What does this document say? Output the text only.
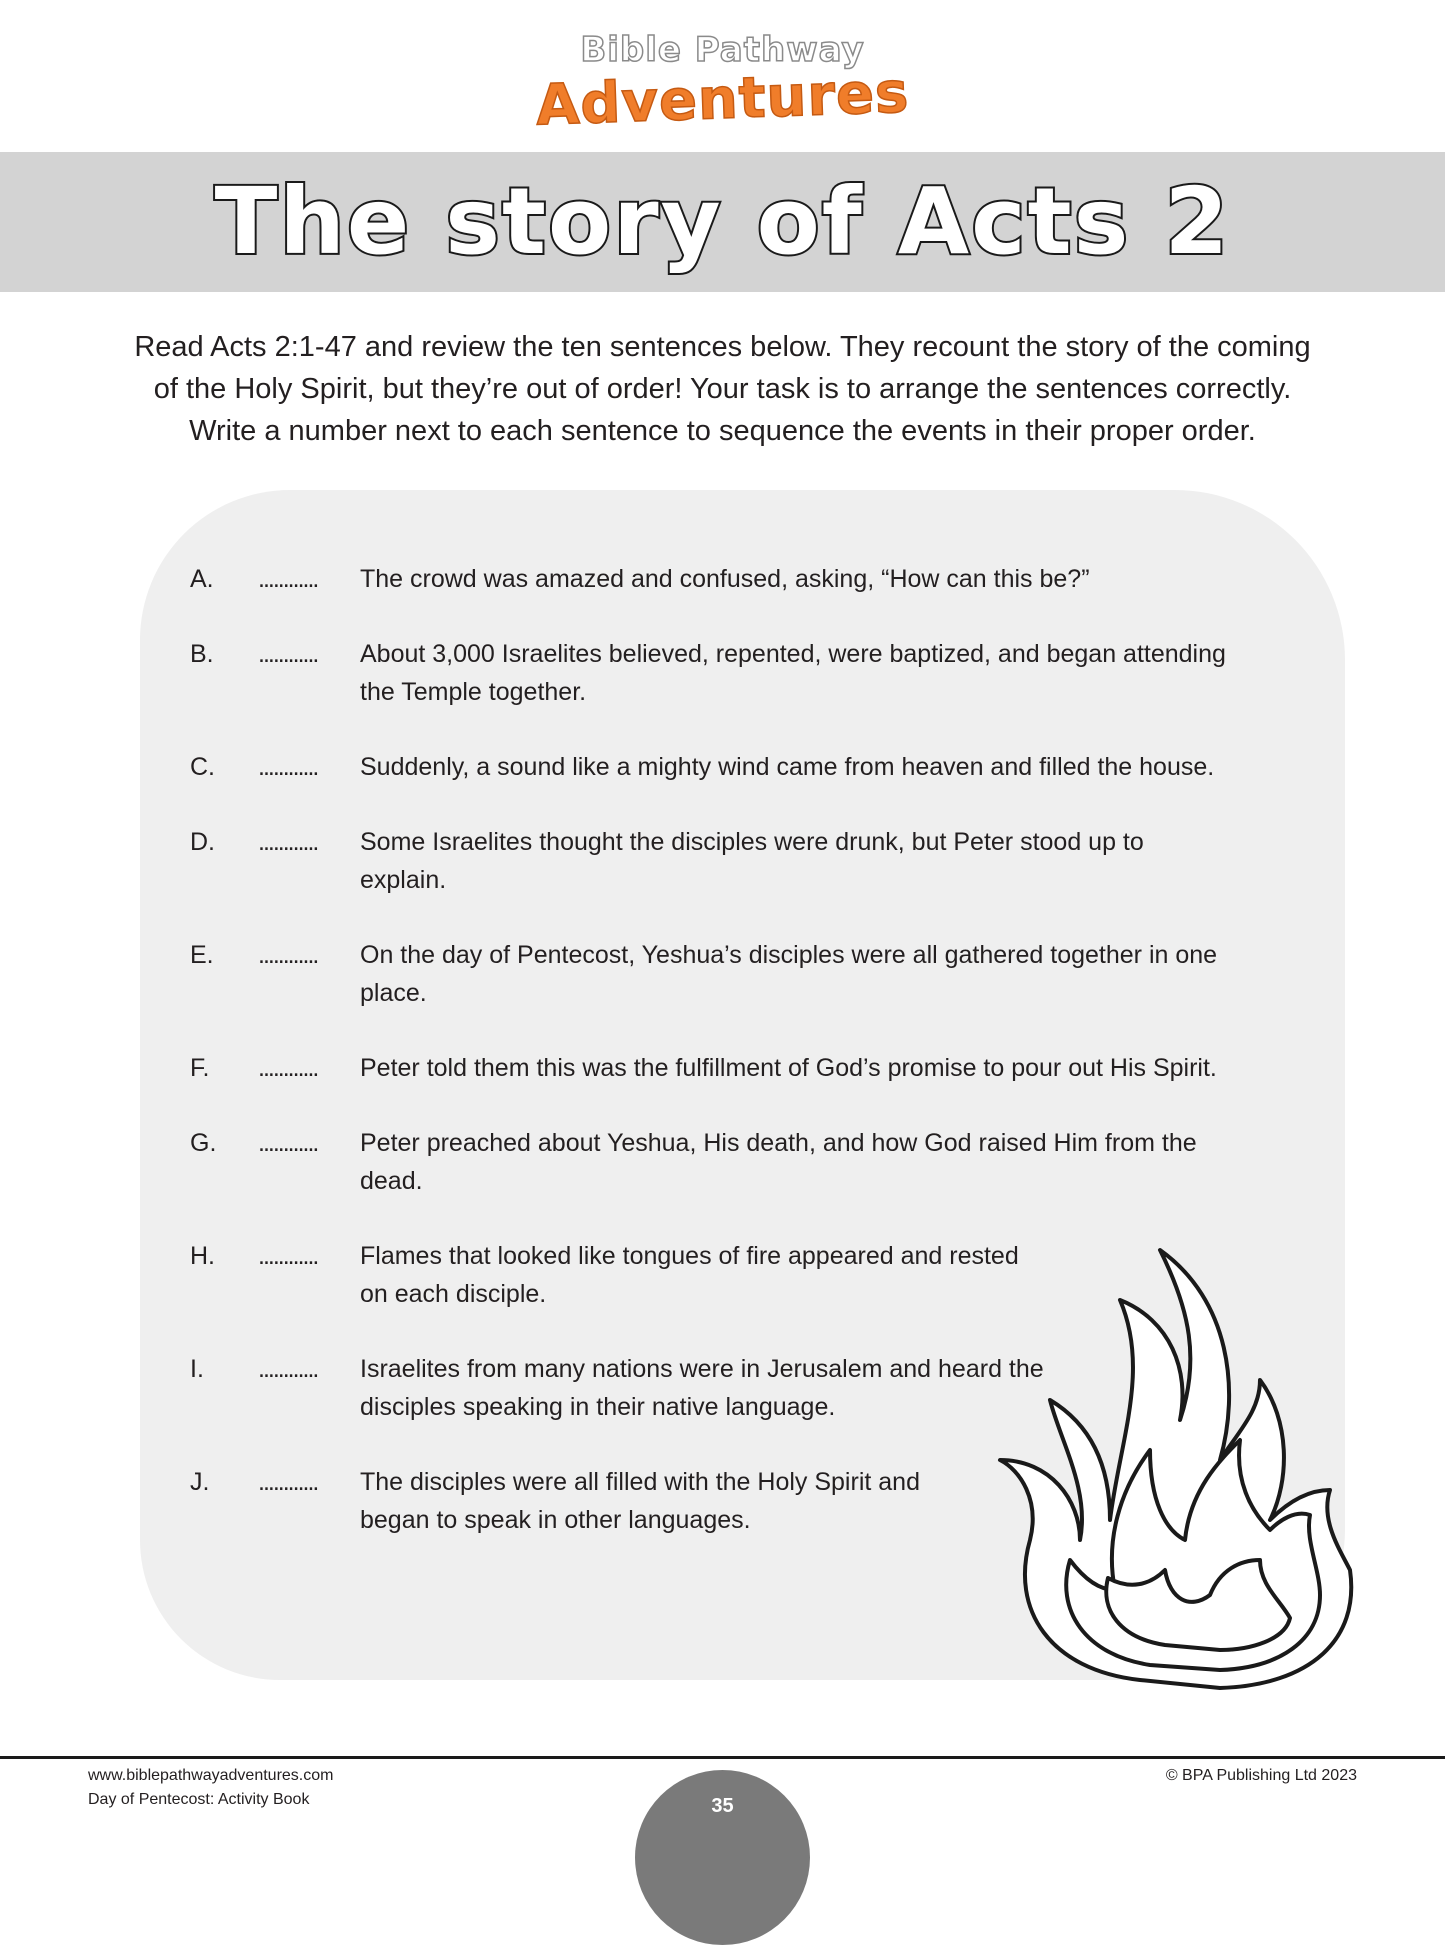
Bible Pathway
Adventures
The story of Acts 2
Read Acts 2:1-47 and review the ten sentences below. They recount the story of the coming
of the Holy Spirit, but they’re out of order! Your task is to arrange the sentences correctly.
Write a number next to each sentence to sequence the events in their proper order.
A. ............ The crowd was amazed and confused, asking, “How can this be?”
B. ............ About 3,000 Israelites believed, repented, were baptized, and began attending
the Temple together.
C. ............ Suddenly, a sound like a mighty wind came from heaven and filled the house.
D. ............ Some Israelites thought the disciples were drunk, but Peter stood up to
explain.
E. ............ On the day of Pentecost, Yeshua’s disciples were all gathered together in one
place.
F. ............ Peter told them this was the fulfillment of God’s promise to pour out His Spirit.
G. ............ Peter preached about Yeshua, His death, and how God raised Him from the
dead.
H. ............ Flames that looked like tongues of fire appeared and rested
on each disciple.
I. ............ Israelites from many nations were in Jerusalem and heard the
disciples speaking in their native language.
J. ............ The disciples were all filled with the Holy Spirit and
began to speak in other languages.
www.biblepathwayadventures.com
Day of Pentecost: Activity Book
© BPA Publishing Ltd 2023
35
